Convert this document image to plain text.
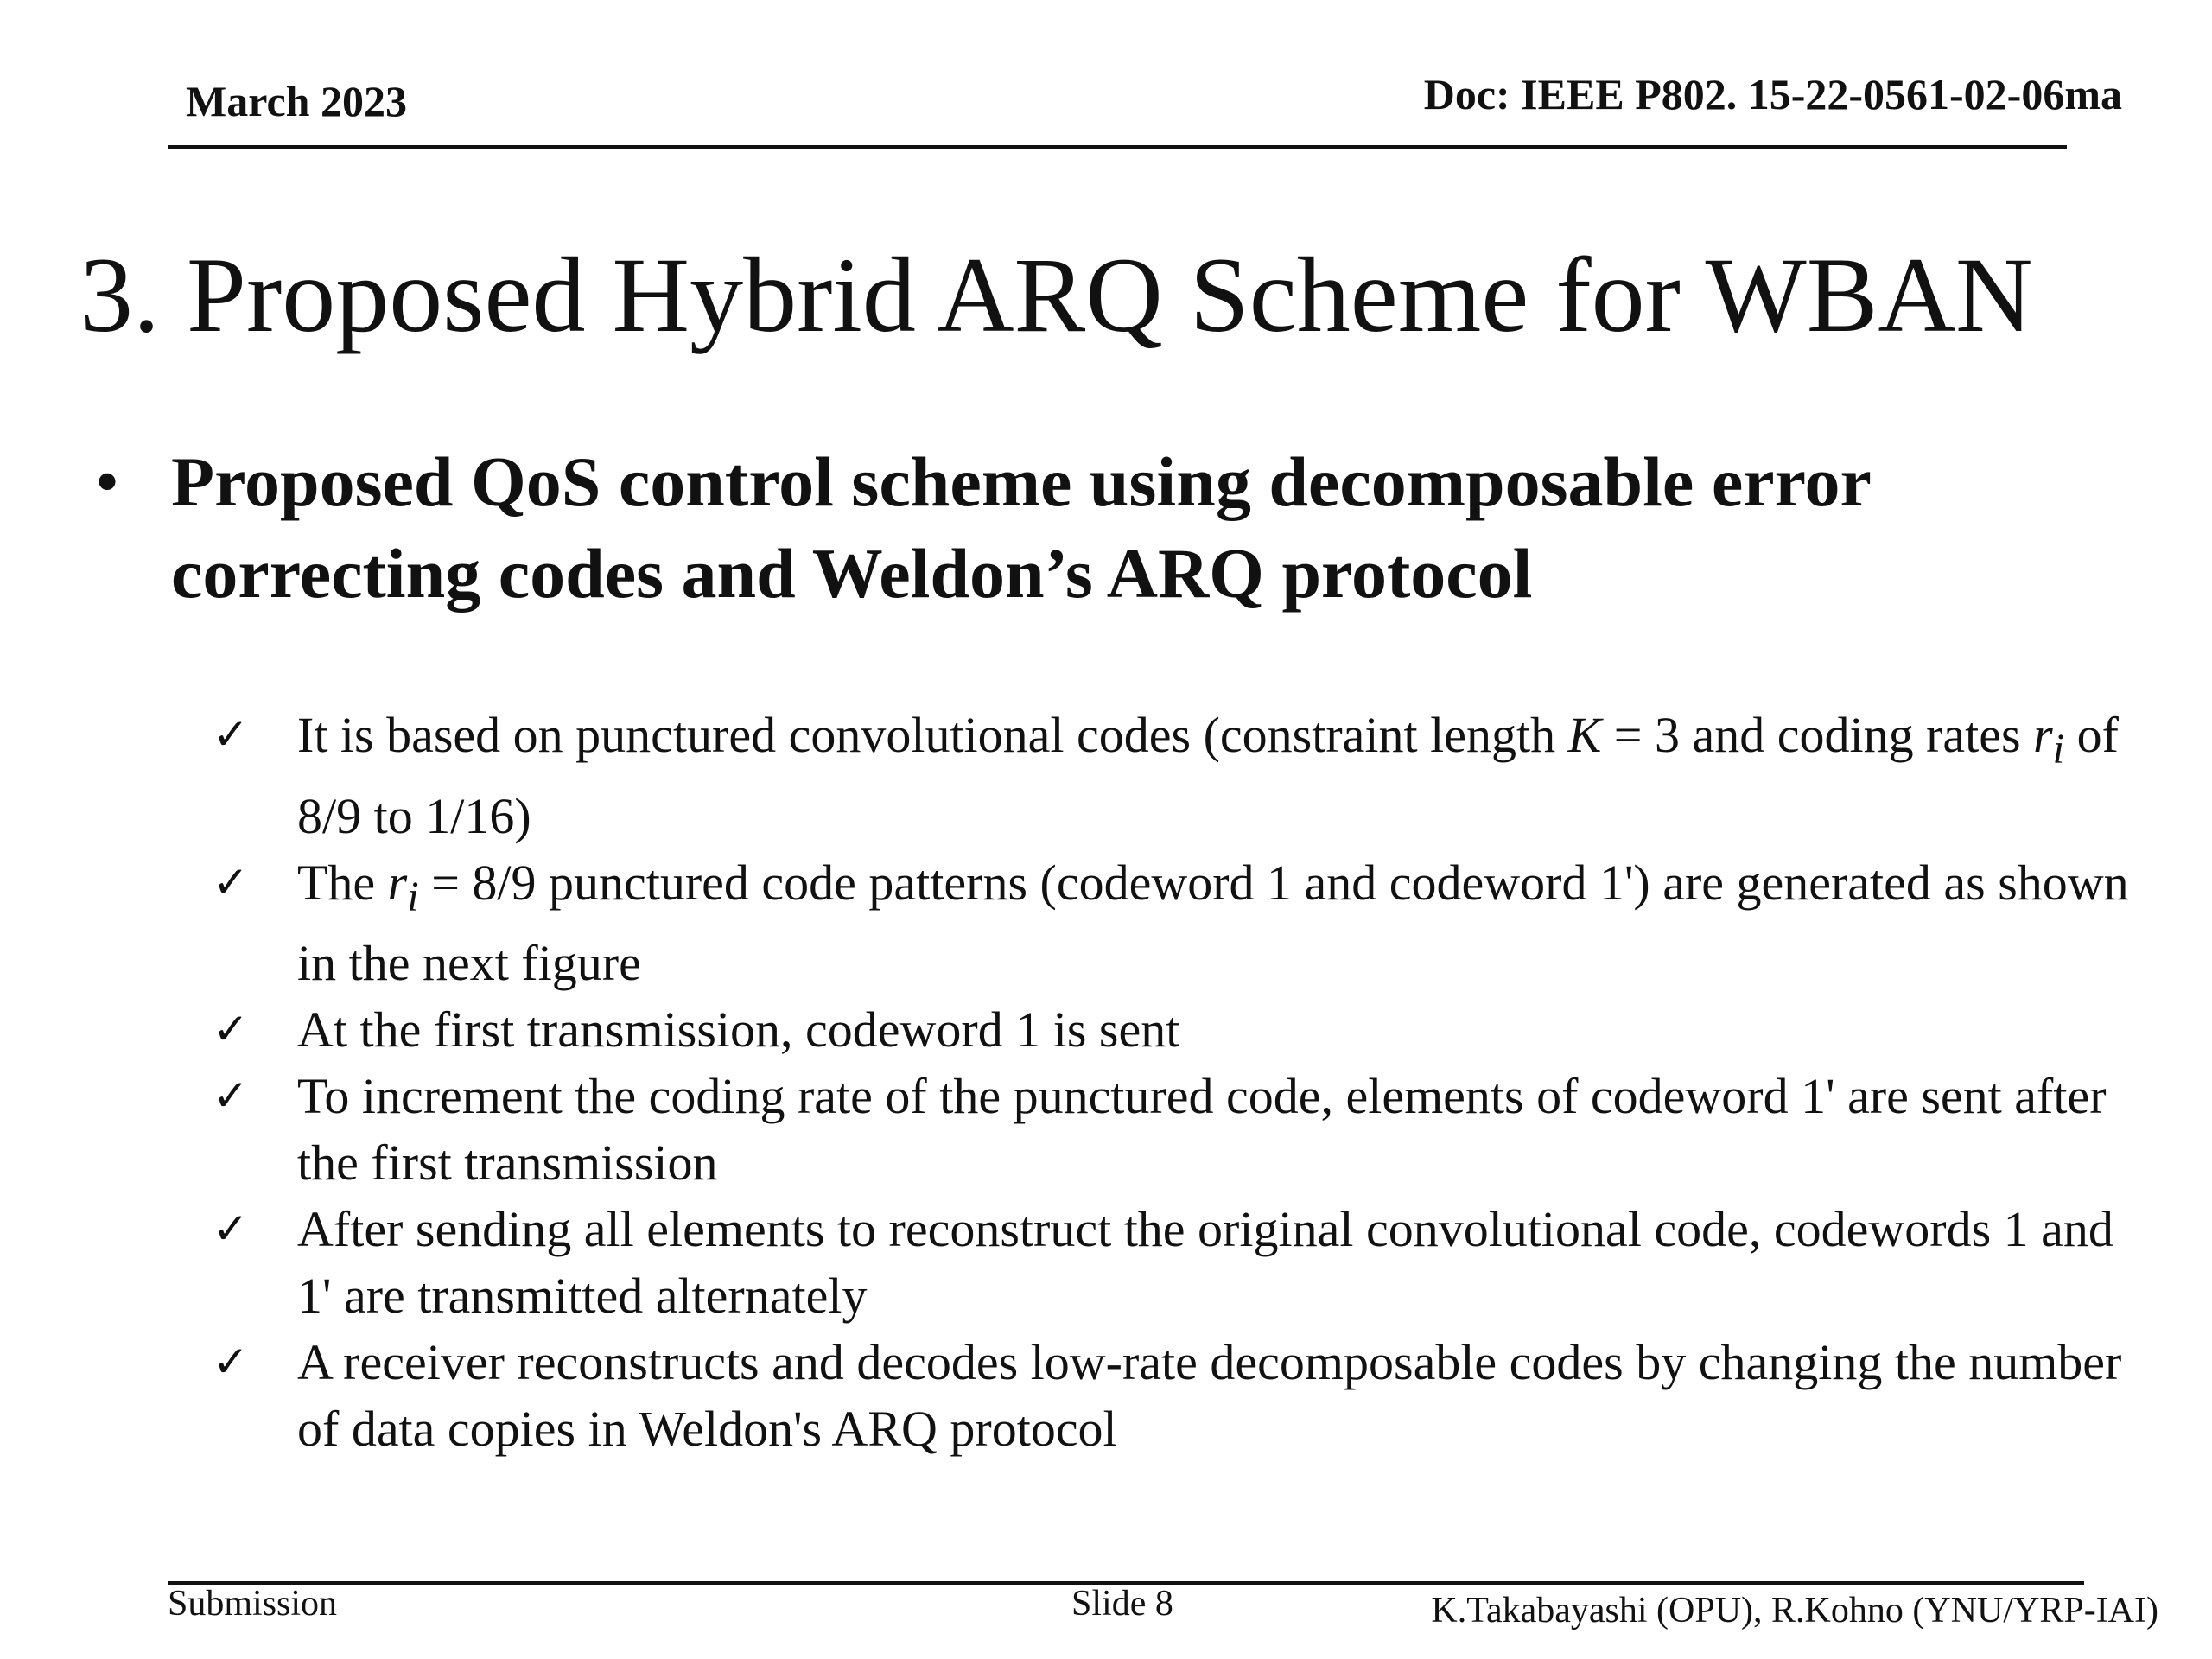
March 2023	Doc: IEEE P802. 15-22-0561-02-06ma
3. Proposed Hybrid ARQ Scheme for WBAN
• Proposed QoS control scheme using decomposable error correcting codes and Weldon’s ARQ protocol
✓
It is based on punctured convolutional codes (constraint length K = 3 and coding rates $r_i$ of 8/9 to 1/16)
✓
The $r_i = 8/9$ punctured code patterns (codeword 1 and codeword 1') are generated as shown in the next figure
✓
At the first transmission, codeword 1 is sent
✓
To increment the coding rate of the punctured code, elements of codeword 1' are sent after the first transmission
✓
After sending all elements to reconstruct the original convolutional code, codewords 1 and 1' are transmitted alternately
✓
A receiver reconstructs and decodes low-rate decomposable codes by changing the number of data copies in Weldon's ARQ protocol
Submission	Slide 8	K.Takabayashi (OPU), R.Kohno (YNU/YRP-IAI)
